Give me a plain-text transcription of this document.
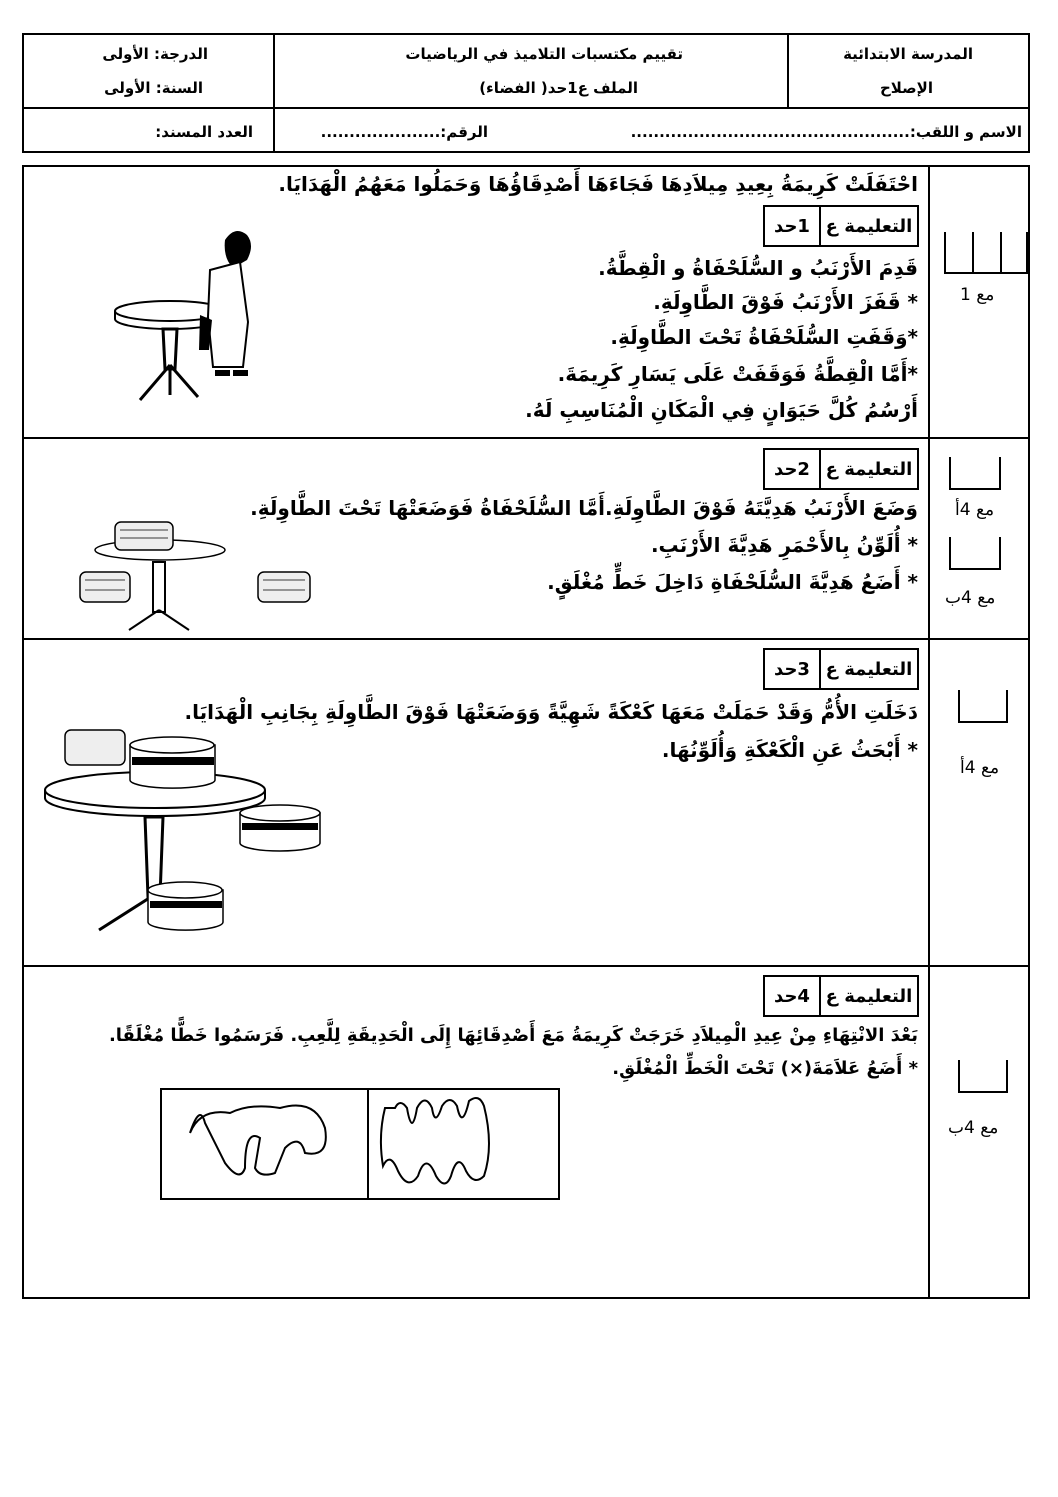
المدرسة الابتدائية
الإصلاح
تقييم مكتسبات التلاميذ في الرياضيات
الملف ع1حد( الفضاء)
الدرجة: الأولى
السنة: الأولى
الاسم و اللقب:.................................................
الرقم:.....................
العدد المسند:
احْتَفَلَتْ كَرِيمَةُ بِعِيدِ مِيلاَدِهَا فَجَاءَهَا أَصْدِقَاؤُهَا وَحَمَلُوا مَعَهُمُ الْهَدَايَا.
التعليمة ع
1حد
قَدِمَ الأَرْنَبُ و السُّلَحْفَاةُ و الْقِطَّةُ.
* قَفَزَ الأَرْنَبُ فَوْقَ الطَّاوِلَةِ.
*وَقَفَتِ السُّلَحْفَاةُ تَحْتَ الطَّاوِلَةِ.
*أَمَّا الْقِطَّةُ فَوَقَفَتْ عَلَى يَسَارِ كَرِيمَةَ.
أَرْسُمُ كُلَّ حَيَوَانٍ فِي الْمَكَانِ الْمُنَاسِبِ لَهُ.
مع 1
التعليمة ع
2حد
وَضَعَ الأَرْنَبُ هَدِيَّتَهُ فَوْقَ الطَّاوِلَةِ.أَمَّا السُّلَحْفَاةُ فَوَضَعَتْهَا تَحْتَ الطَّاوِلَةِ.
* أُلَوِّنُ بِالأَحْمَرِ هَدِيَّةَ الأَرْنَبِ.
* أَضَعُ هَدِيَّةَ السُّلَحْفَاةِ دَاخِلَ خَطٍّ مُغْلَقٍ.
مع 4أ
مع 4ب
التعليمة ع
3حد
دَخَلَتِ الأُمُّ وَقَدْ حَمَلَتْ مَعَهَا كَعْكَةً شَهِيَّةً وَوَضَعَتْهَا فَوْقَ الطَّاوِلَةِ بِجَانِبِ الْهَدَايَا.
* أَبْحَثُ عَنِ الْكَعْكَةِ وَأُلَوِّنُهَا.
مع 4أ
التعليمة ع
4حد
بَعْدَ الانْتِهَاءِ مِنْ عِيدِ الْمِيلاَدِ خَرَجَتْ كَرِيمَةُ مَعَ أَصْدِقَائِهَا إِلَى الْحَدِيقَةِ لِلَّعِبِ. فَرَسَمُوا خَطًّا مُغْلَقًا.
* أَضَعُ عَلاَمَةَ(×) تَحْتَ الْخَطِّ الْمُغْلَقِ.
مع 4ب
